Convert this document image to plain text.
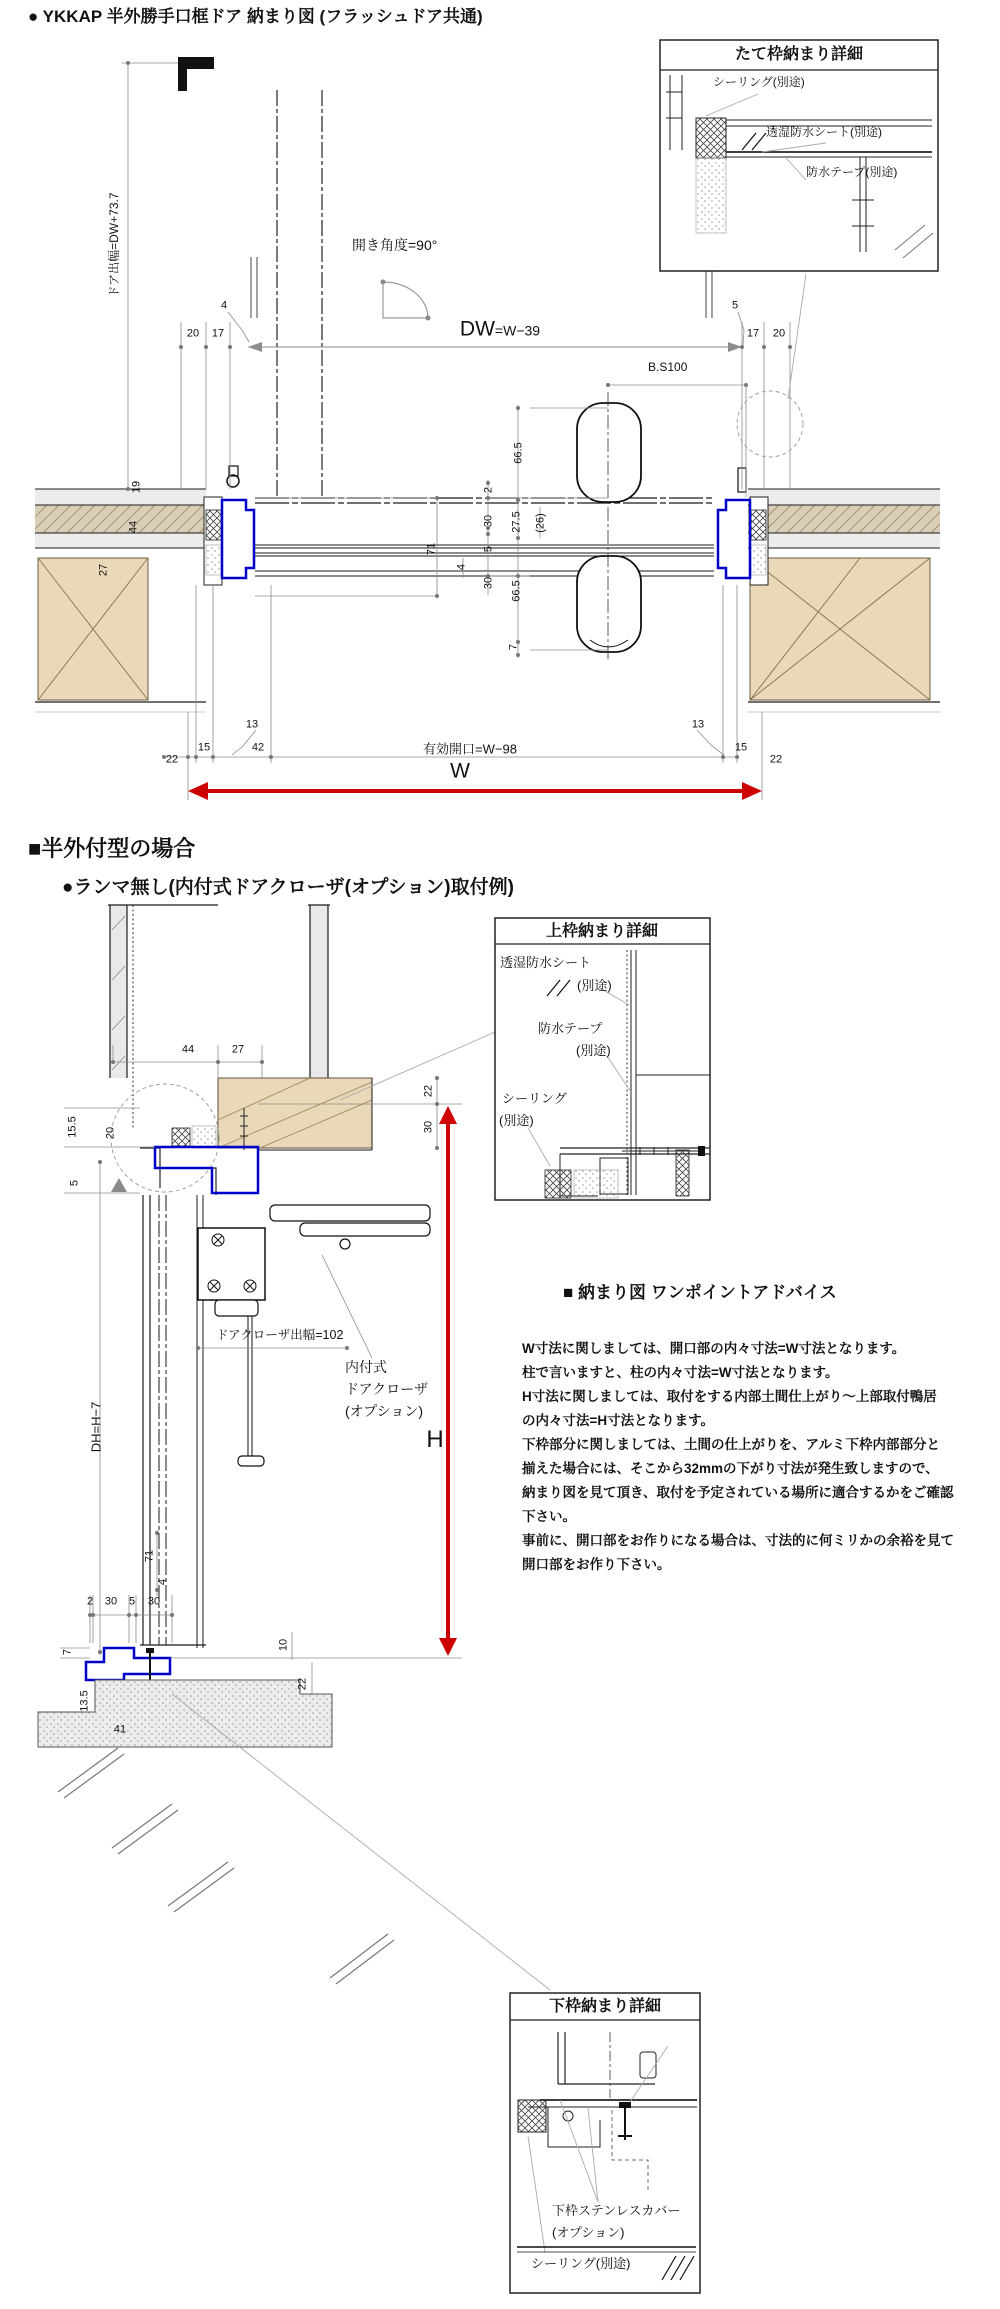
● YKKAP 半外勝手口框ドア 納まり図 (フラッシュドア共通)
たて枠納まり詳細
シーリング(別途)
透湿防水シート(別途)
防水テープ(別途)
ドア出幅=DW+73.7	開き角度=90°
4
20 17	DW=W−39
5
17 20
B.S100
19
44
27
66.5
2
30 27.5 (26)
5
4
30
71
66.5
7
13
15	42	有効開口=W−98
13
15
22	22
W
■半外付型の場合
●ランマ無し(内付式ドアクローザ(オプション)取付例)
上枠納まり詳細
透湿防水シート
(別途)
防水テープ
(別途)
シーリング
(別途)
44	27
15.5 20
5
22
30
ドアクローザ出幅=102
内付式
ドアクローザ
(オプション)
H
DH=H−7
71
4
2 30 5 30
7
13.5
41
10
22
■ 納まり図 ワンポイントアドバイス
W寸法に関しましては、開口部の内々寸法=W寸法となります。
柱で言いますと、柱の内々寸法=W寸法となります。
H寸法に関しましては、取付をする内部土間仕上がり〜上部取付鴨居
の内々寸法=H寸法となります。
下枠部分に関しましては、土間の仕上がりを、アルミ下枠内部部分と
揃えた場合には、そこから32mmの下がり寸法が発生致しますので、
納まり図を見て頂き、取付を予定されている場所に適合するかをご確認
下さい。
事前に、開口部をお作りになる場合は、寸法的に何ミリかの余裕を見て
開口部をお作り下さい。
下枠納まり詳細
下枠ステンレスカバー
(オプション)
シーリング(別途)
